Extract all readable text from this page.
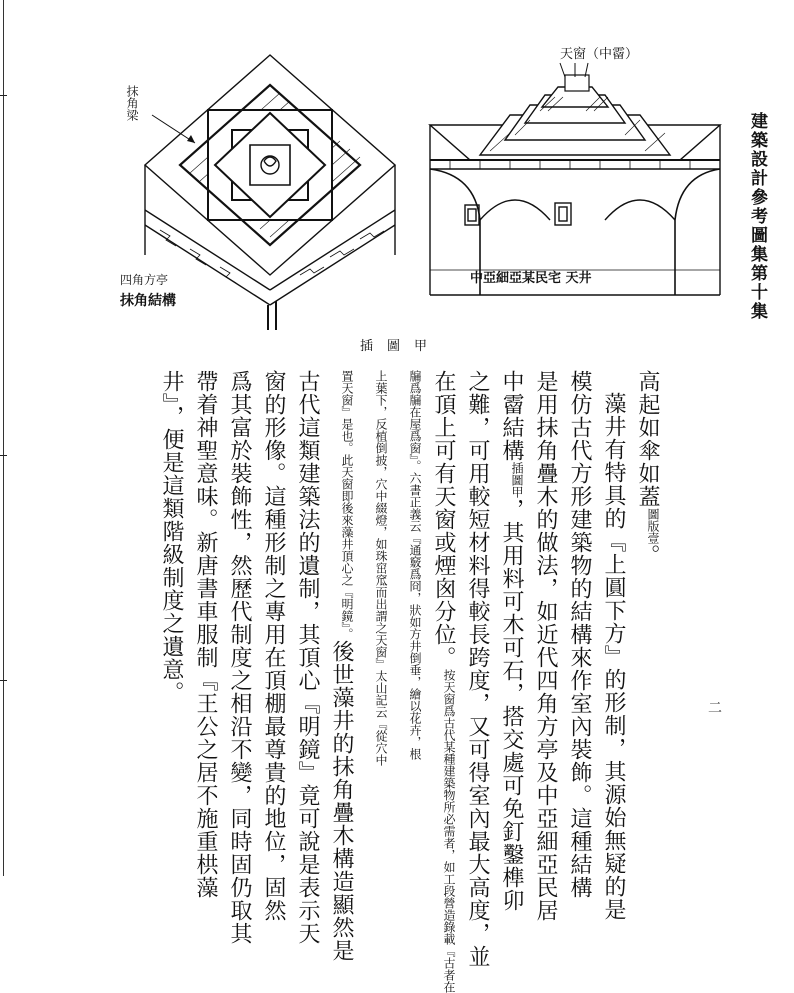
抹角梁
四角方亭
抹角結構
天窗（中霤）
中亞細亞某民宅 天井
插圖甲
建築設計參考圖集第十集
二
高起如傘如蓋圖版壹。
藻井有特具的『上圓下方』的形制，其源始無疑的是
模仿古代方形建築物的結構來作室內裝飾。這種結構
是用抹角疊木的做法，如近代四角方亭及中亞細亞民居
中霤結構插圖甲，其用料可木可石，搭交處可免釘鑿榫卯
之難，可用較短材料得較長跨度，又可得室內最大高度，並
在頂上可有天窗或煙囪分位。按天窗爲古代某種建築物所必需者，如工段營造錄載『古者在
牖爲牖在屋爲窗』。六書正義云『通竅爲冏，狀如方井倒垂，繪以花卉，根
上葉下，反植倒披，穴中綴燈，如珠窋窊而出謂之天窗』太山記云『從穴中
置天窗』是也。此天窗即後來藻井頂心之『明鏡』。後世藻井的抹角疊木構造顯然是
古代這類建築法的遺制，其頂心『明鏡』竟可說是表示天
窗的形像。這種形制之專用在頂棚最尊貴的地位，固然
爲其富於裝飾性，然歷代制度之相沿不變，同時固仍取其
帶着神聖意味。新唐書車服制『王公之居不施重栱藻
井』，便是這類階級制度之遺意。
